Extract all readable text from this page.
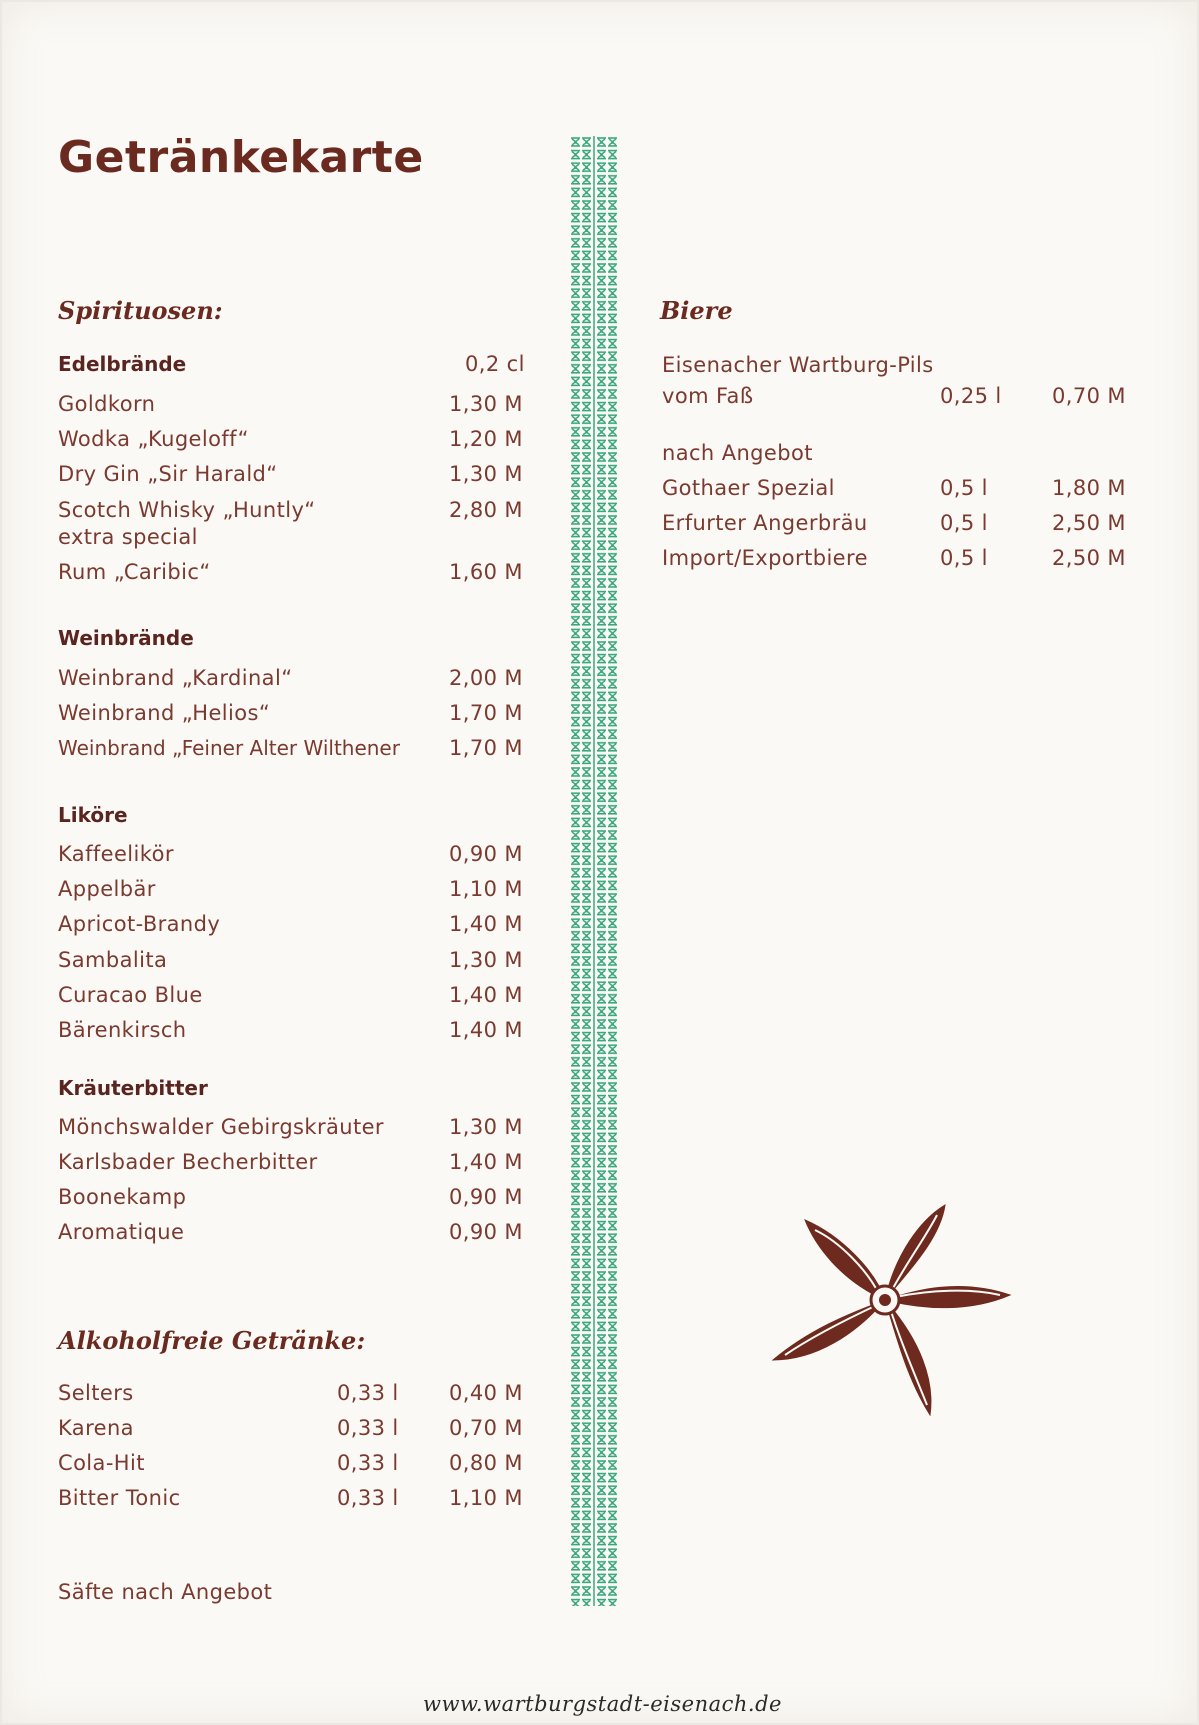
Getränkekarte
Spirituosen:
Edelbrände	0,2 cl
Goldkorn	1,30 M
Wodka „Kugeloff“	1,20 M
Dry Gin „Sir Harald“	1,30 M
Scotch Whisky „Huntly“
extra special
2,80 M
Rum „Caribic“	1,60 M
Weinbrände
Weinbrand „Kardinal“	2,00 M
Weinbrand „Helios“	1,70 M
Weinbrand „Feiner Alter Wilthener 1,70 M
Liköre
Kaffeelikör	0,90 M
Appelbär	1,10 M
Apricot-Brandy	1,40 M
Sambalita	1,30 M
Curacao Blue	1,40 M
Bärenkirsch	1,40 M
Kräuterbitter
Mönchswalder Gebirgskräuter	1,30 M
Karlsbader Becherbitter	1,40 M
Boonekamp	0,90 M
Aromatique	0,90 M
Alkoholfreie Getränke:
Selters	0,33 l 0,40 M
Karena	0,33 l 0,70 M
Cola-Hit	0,33 l 0,80 M
Bitter Tonic	0,33 l 1,10 M
Säfte nach Angebot
Biere
Eisenacher Wartburg-Pils
vom Faß	0,25 l 0,70 M
nach Angebot
Gothaer Spezial	0,5 l	1,80 M
Erfurter Angerbräu	0,5 l	2,50 M
Import/Exportbiere	0,5 l	2,50 M
www.wartburgstadt-eisenach.de
